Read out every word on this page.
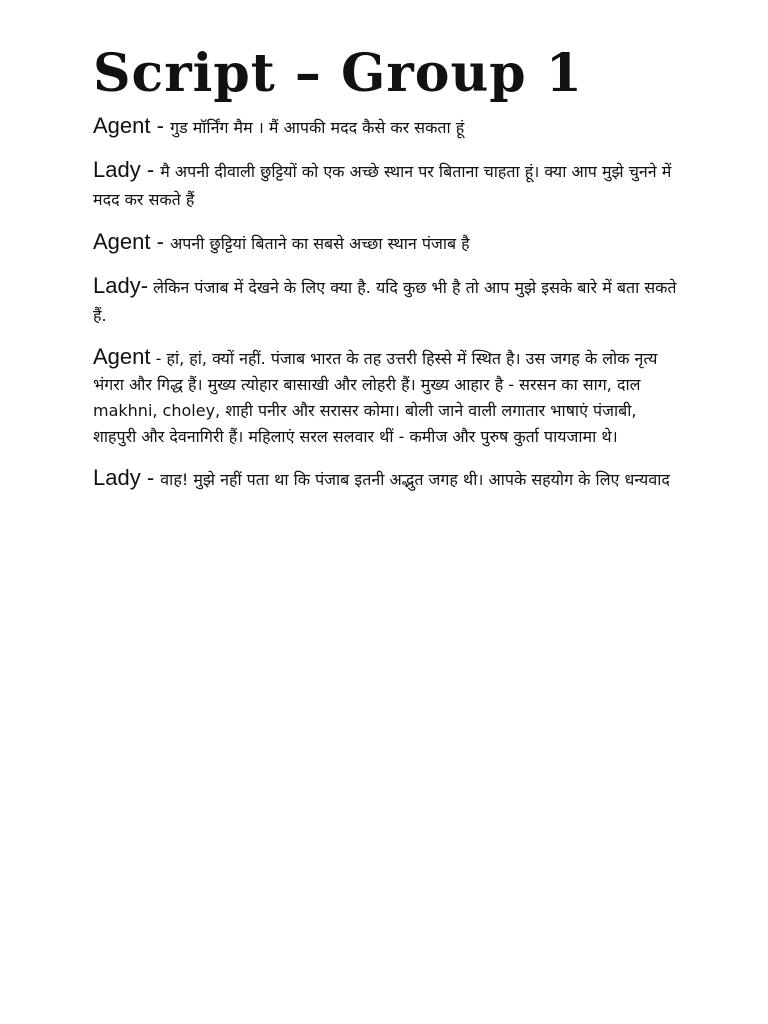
Script – Group 1

Agent - गुड मॉर्निंग मैम । मैं आपकी मदद कैसे कर सकता हूं

Lady - मै अपनी दीवाली छुट्टियों को एक अच्छे स्थान पर बिताना चाहता हूं। क्या आप मुझे चुनने में मदद कर सकते हैं

Agent - अपनी छुट्टियां बिताने का सबसे अच्छा स्थान पंजाब है

Lady- लेकिन पंजाब में देखने के लिए क्या है. यदि कुछ भी है तो आप मुझे इसके बारे में बता सकते हैं.

Agent - हां, हां, क्यों नहीं. पंजाब भारत के तह उत्तरी हिस्से में स्थित है। उस जगह के लोक नृत्य भंगरा और गिद्ध हैं। मुख्य त्योहार बासाखी और लोहरी हैं। मुख्य आहार है - सरसन का साग, दाल makhni, choley, शाही पनीर और सरासर कोमा। बोली जाने वाली लगातार भाषाएं पंजाबी, शाहपुरी और देवनागिरी हैं। महिलाएं सरल सलवार थीं - कमीज और पुरुष कुर्ता पायजामा थे।

Lady - वाह! मुझे नहीं पता था कि पंजाब इतनी अद्भुत जगह थी। आपके सहयोग के लिए धन्यवाद
